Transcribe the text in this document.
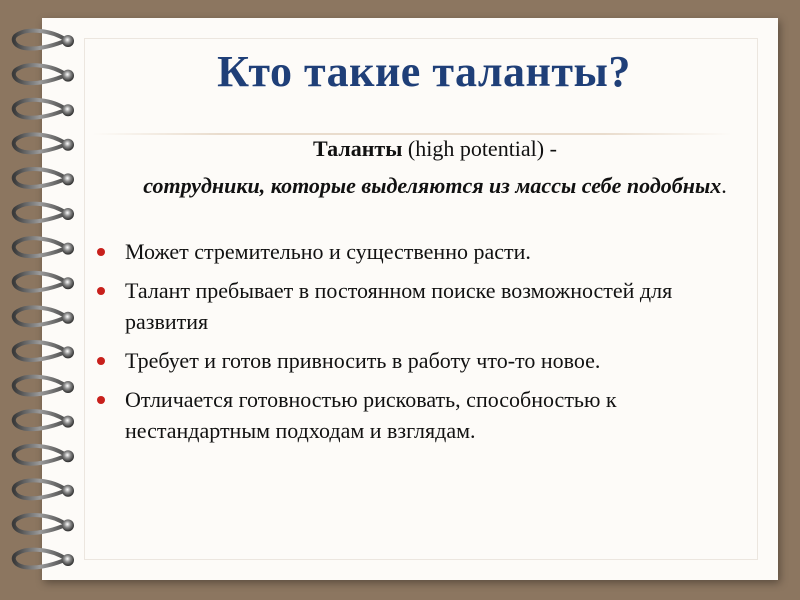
Кто такие таланты?
Таланты (high potential) -
сотрудники, которые выделяются из массы себе подобных.
Может стремительно и существенно расти.
Талант пребывает в постоянном поиске возможностей для развития
Требует и готов привносить в работу что-то новое.
Отличается готовностью рисковать, способностью к нестандартным подходам и взглядам.
